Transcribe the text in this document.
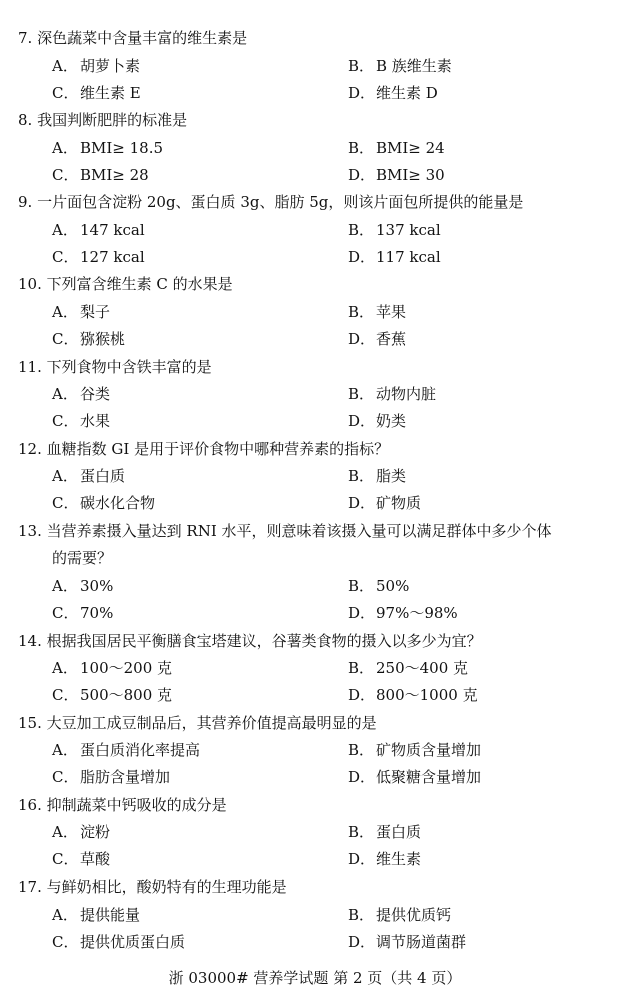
7. 深色蔬菜中含量丰富的维生素是
A． 胡萝卜素	B． B 族维生素
C． 维生素 E	D．维生素 D
8. 我国判断肥胖的标准是
A． BMI≥ 18.5	B． BMI≥ 24
C． BMI≥ 28	D．BMI≥ 30
9. 一片面包含淀粉 20g、蛋白质 3g、脂肪 5g，则该片面包所提供的能量是
A． 147 kcal	B． 137 kcal
C． 127 kcal	D．117 kcal
10. 下列富含维生素 C 的水果是
A． 梨子	B． 苹果
C． 猕猴桃	D．香蕉
11. 下列食物中含铁丰富的是
A． 谷类	B． 动物内脏
C． 水果	D．奶类
12. 血糖指数 GI 是用于评价食物中哪种营养素的指标？
A． 蛋白质	B． 脂类
C． 碳水化合物	D．矿物质
13. 当营养素摄入量达到 RNI 水平，则意味着该摄入量可以满足群体中多少个体
的需要？
A． 30%	B． 50%
C． 70%	D．97%～98%
14. 根据我国居民平衡膳食宝塔建议，谷薯类食物的摄入以多少为宜？
A． 100～200 克	B． 250～400 克
C． 500～800 克	D．800～1000 克
15. 大豆加工成豆制品后，其营养价值提高最明显的是
A． 蛋白质消化率提高	B． 矿物质含量增加
C． 脂肪含量增加	D．低聚糖含量增加
16. 抑制蔬菜中钙吸收的成分是
A． 淀粉	B． 蛋白质
C． 草酸	D．维生素
17. 与鲜奶相比，酸奶特有的生理功能是
A． 提供能量	B． 提供优质钙
C． 提供优质蛋白质	D．调节肠道菌群
浙 03000# 营养学试题 第 2 页（共 4 页）
